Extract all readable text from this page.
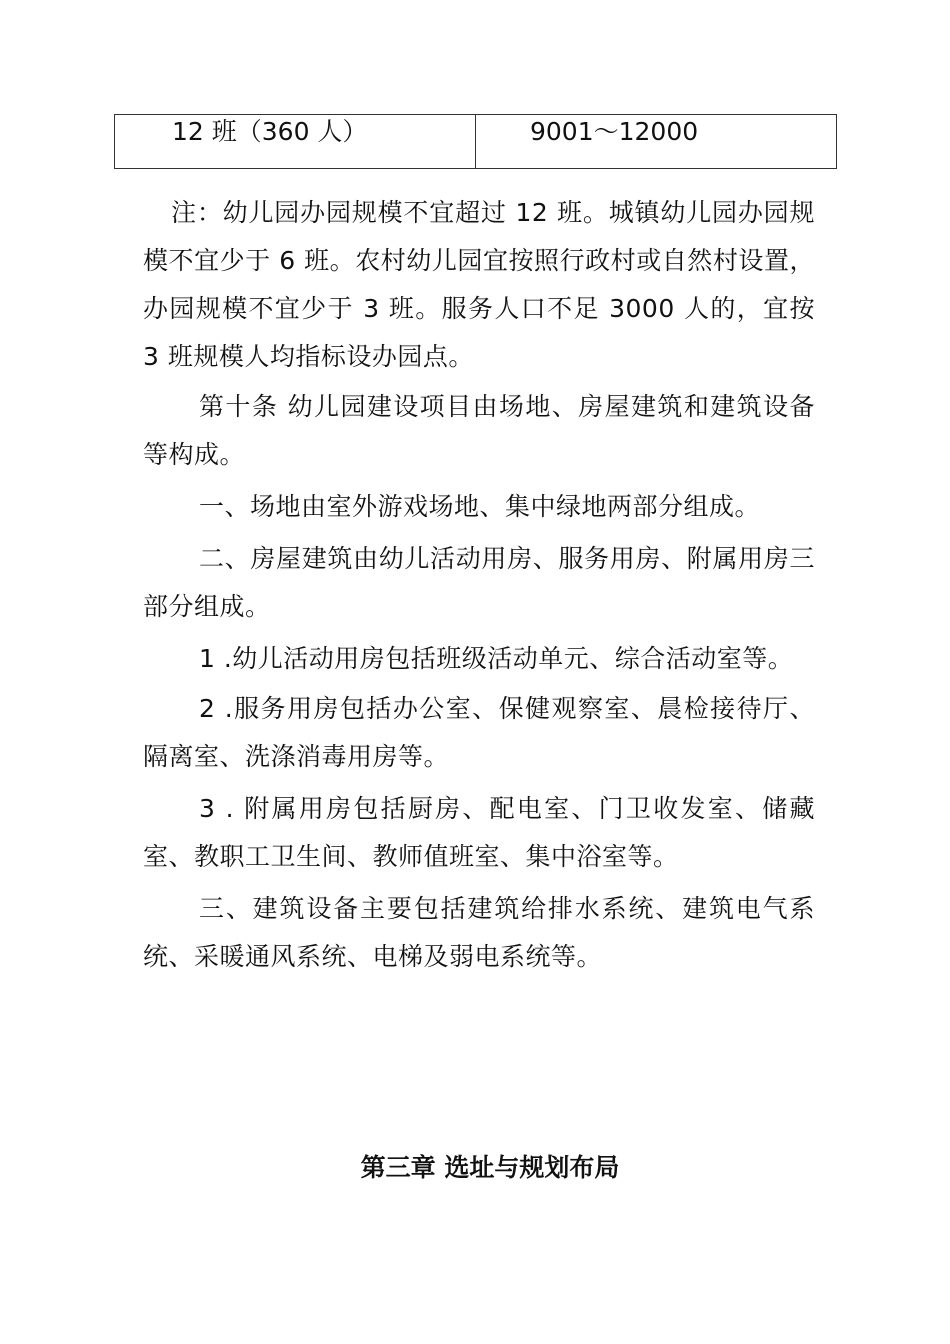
12 班（360 人）	9001～12000

注：幼儿园办园规模不宜超过 12 班。城镇幼儿园办园规模不宜少于 6 班。农村幼儿园宜按照行政村或自然村设置，办园规模不宜少于 3 班。服务人口不足 3000 人的，宜按 3 班规模人均指标设办园点。

第十条 幼儿园建设项目由场地、房屋建筑和建筑设备等构成。

一、场地由室外游戏场地、集中绿地两部分组成。

二、房屋建筑由幼儿活动用房、服务用房、附属用房三部分组成。

1 .幼儿活动用房包括班级活动单元、综合活动室等。

2 .服务用房包括办公室、保健观察室、晨检接待厅、隔离室、洗涤消毒用房等。

3 . 附属用房包括厨房、配电室、门卫收发室、储藏室、教职工卫生间、教师值班室、集中浴室等。

三、建筑设备主要包括建筑给排水系统、建筑电气系统、采暖通风系统、电梯及弱电系统等。

第三章 选址与规划布局
